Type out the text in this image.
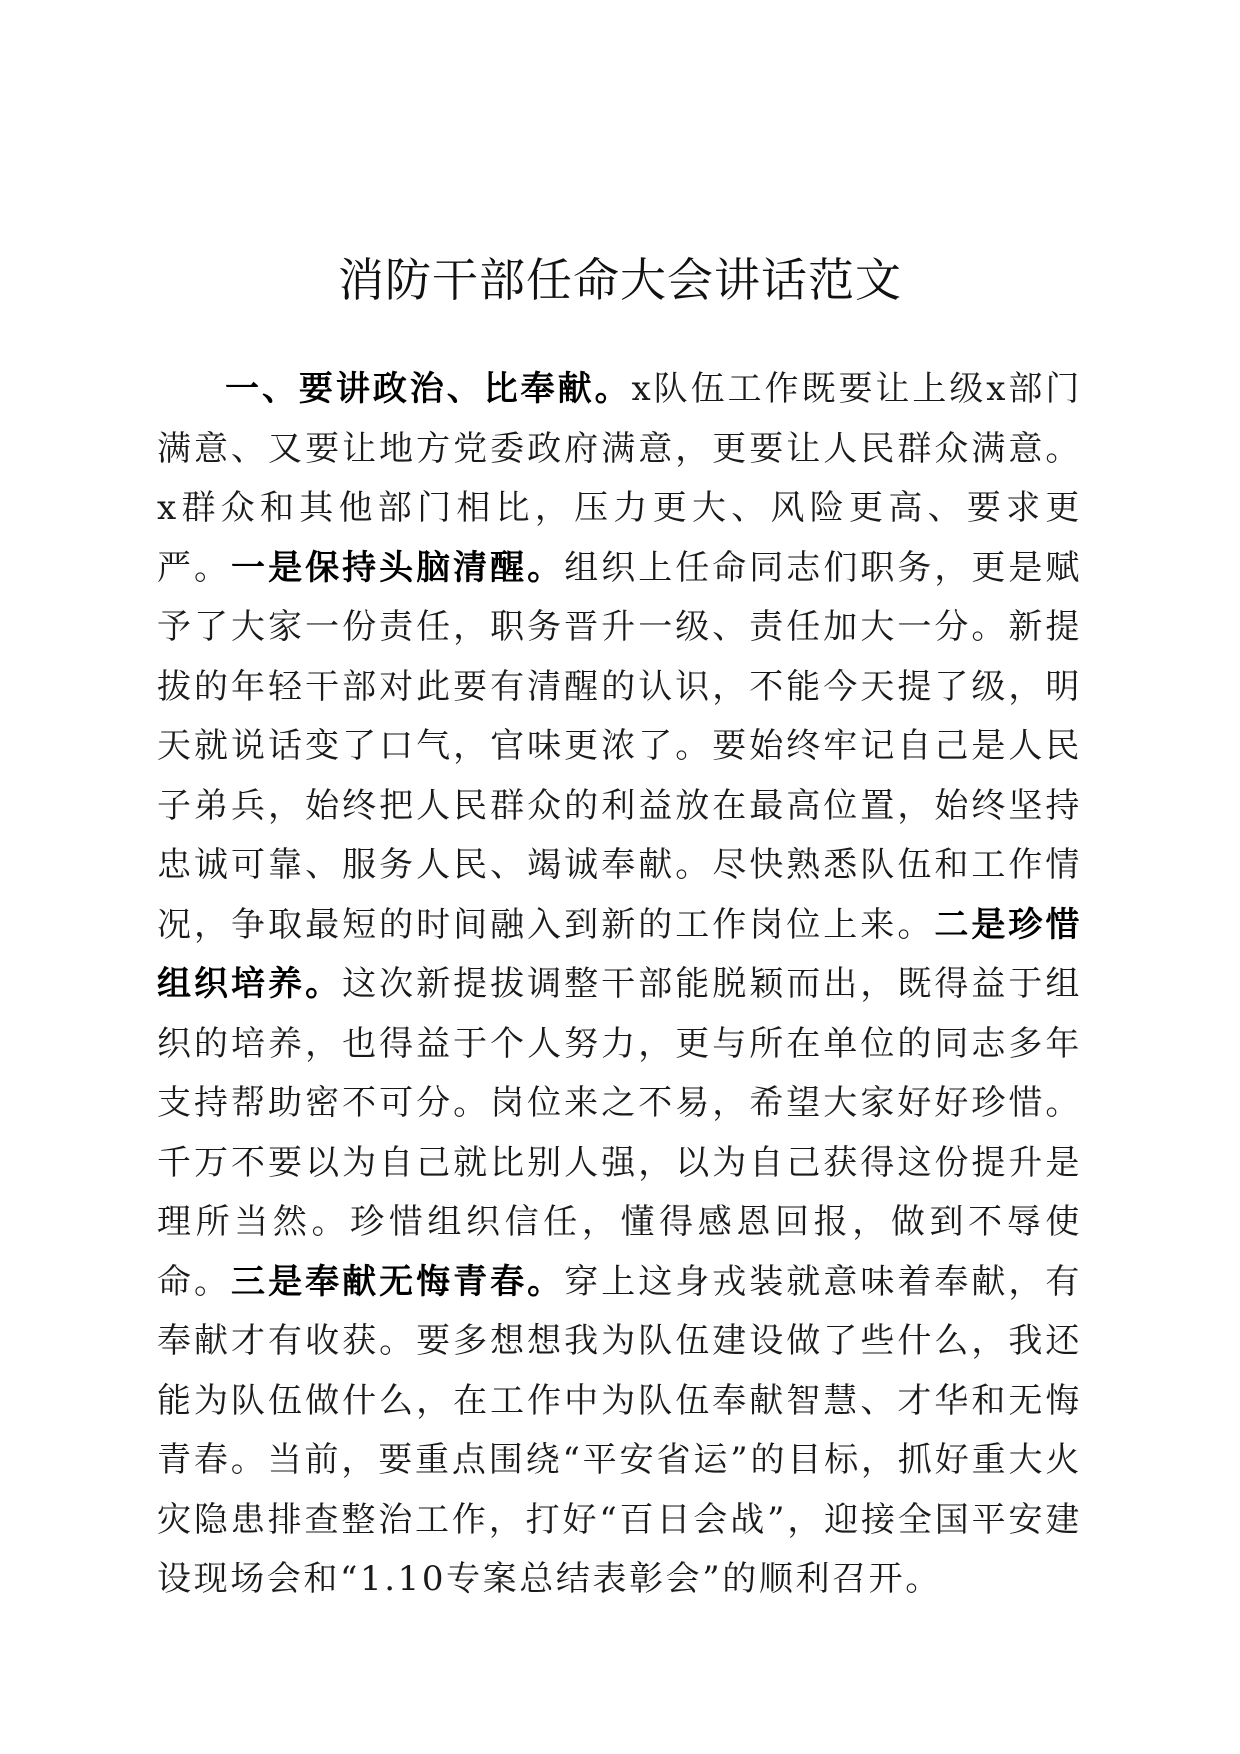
消防干部任命大会讲话范文

一、要讲政治、比奉献。x队伍工作既要让上级x部门满意、又要让地方党委政府满意，更要让人民群众满意。x群众和其他部门相比，压力更大、风险更高、要求更严。一是保持头脑清醒。组织上任命同志们职务，更是赋予了大家一份责任，职务晋升一级、责任加大一分。新提拔的年轻干部对此要有清醒的认识，不能今天提了级，明天就说话变了口气，官味更浓了。要始终牢记自己是人民子弟兵，始终把人民群众的利益放在最高位置，始终坚持忠诚可靠、服务人民、竭诚奉献。尽快熟悉队伍和工作情况，争取最短的时间融入到新的工作岗位上来。二是珍惜组织培养。这次新提拔调整干部能脱颖而出，既得益于组织的培养，也得益于个人努力，更与所在单位的同志多年支持帮助密不可分。岗位来之不易，希望大家好好珍惜。千万不要以为自己就比别人强，以为自己获得这份提升是理所当然。珍惜组织信任，懂得感恩回报，做到不辱使命。三是奉献无悔青春。穿上这身戎装就意味着奉献，有奉献才有收获。要多想想我为队伍建设做了些什么，我还能为队伍做什么，在工作中为队伍奉献智慧、才华和无悔青春。当前，要重点围绕“平安省运”的目标，抓好重大火灾隐患排查整治工作，打好“百日会战”，迎接全国平安建设现场会和“1.10专案总结表彰会”的顺利召开。
